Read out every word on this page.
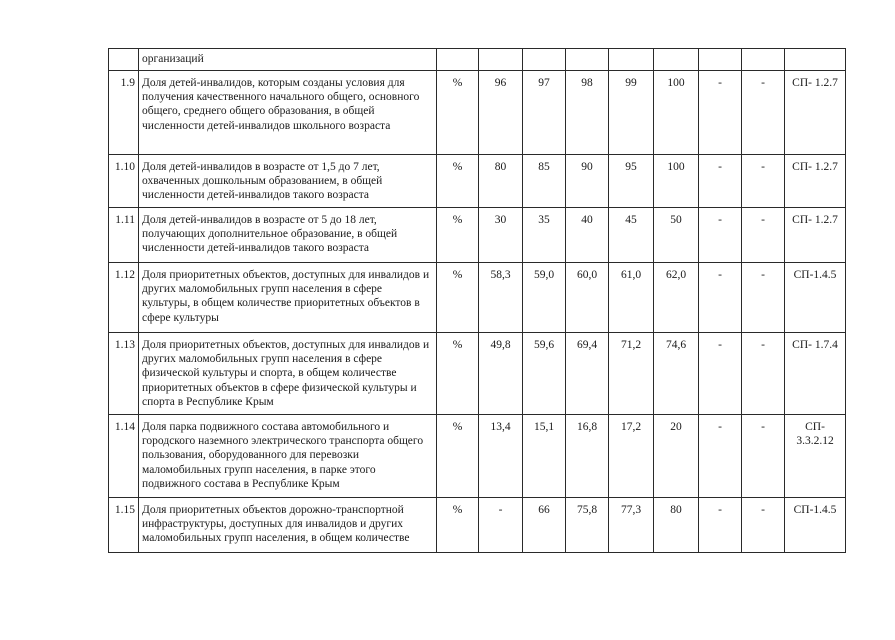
	организаций									
1.9	Доля детей-инвалидов, которым созданы условия для получения качественного начального общего, основного общего, среднего общего образования, в общей численности детей-инвалидов школьного возраста	%	96	97	98	99	100	-	-	СП- 1.2.7
1.10	Доля детей-инвалидов в возрасте от 1,5 до 7 лет, охваченных дошкольным образованием, в общей численности детей-инвалидов такого возраста	%	80	85	90	95	100	-	-	СП- 1.2.7
1.11	Доля детей-инвалидов в возрасте от 5 до 18 лет, получающих дополнительное образование, в общей численности детей-инвалидов такого возраста	%	30	35	40	45	50	-	-	СП- 1.2.7
1.12	Доля приоритетных объектов, доступных для инвалидов и других маломобильных групп населения в сфере культуры, в общем количестве приоритетных объектов в сфере культуры	%	58,3	59,0	60,0	61,0	62,0	-	-	СП-1.4.5
1.13	Доля приоритетных объектов, доступных для инвалидов и других маломобильных групп населения в сфере физической культуры и спорта, в общем количестве приоритетных объектов в сфере физической культуры и спорта в Республике Крым	%	49,8	59,6	69,4	71,2	74,6	-	-	СП- 1.7.4
1.14	Доля парка подвижного состава автомобильного и городского наземного электрического транспорта общего пользования, оборудованного для перевозки маломобильных групп населения, в парке этого подвижного состава в Республике Крым	%	13,4	15,1	16,8	17,2	20	-	-	СП- 3.3.2.12
1.15	Доля приоритетных объектов дорожно-транспортной инфраструктуры, доступных для инвалидов и других маломобильных групп населения, в общем количестве	%	-	66	75,8	77,3	80	-	-	СП-1.4.5
